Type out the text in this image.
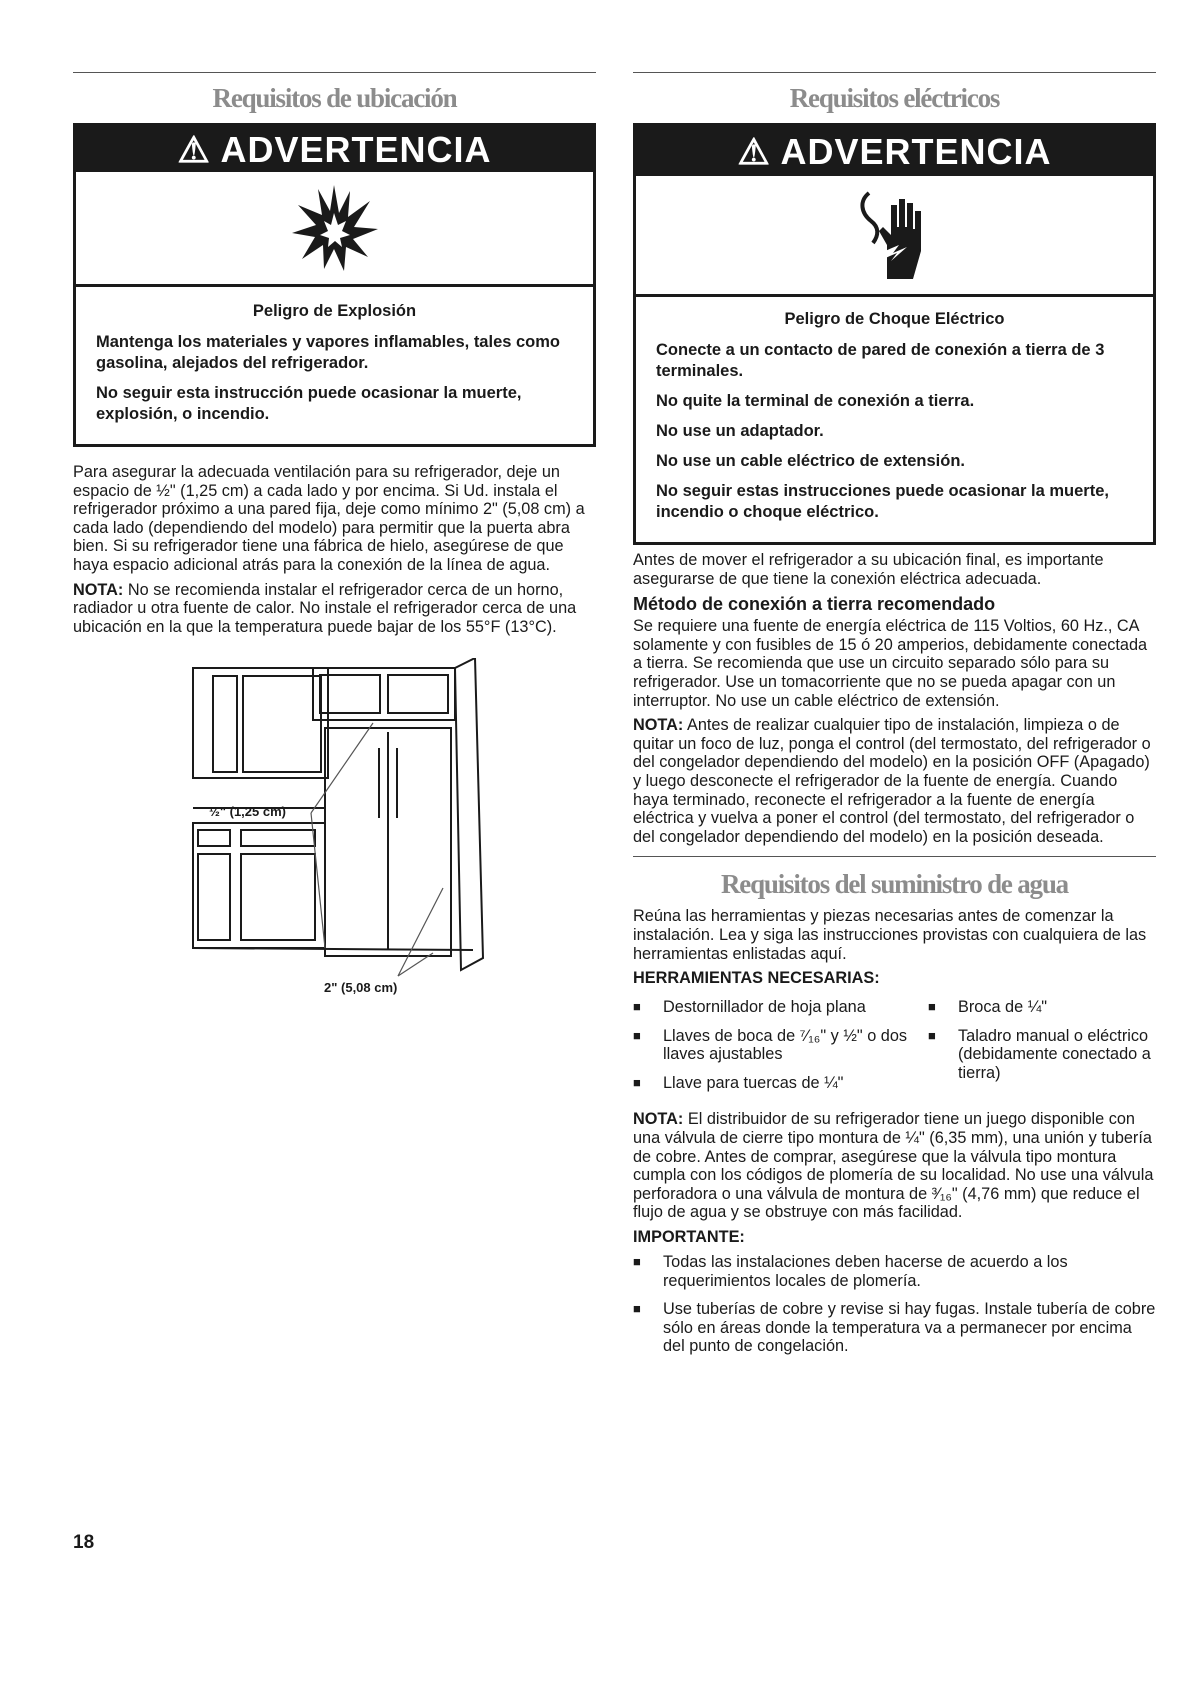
Requisitos de ubicación
⚠ ADVERTENCIA
Peligro de Explosión

Mantenga los materiales y vapores inflamables, tales como gasolina, alejados del refrigerador.

No seguir esta instrucción puede ocasionar la muerte, explosión, o incendio.

Para asegurar la adecuada ventilación para su refrigerador, deje un espacio de ½" (1,25 cm) a cada lado y por encima. Si Ud. instala el refrigerador próximo a una pared fija, deje como mínimo 2" (5,08 cm) a cada lado (dependiendo del modelo) para permitir que la puerta abra bien. Si su refrigerador tiene una fábrica de hielo, asegúrese de que haya espacio adicional atrás para la conexión de la línea de agua.

NOTA: No se recomienda instalar el refrigerador cerca de un horno, radiador u otra fuente de calor. No instale el refrigerador cerca de una ubicación en la que la temperatura puede bajar de los 55°F (13°C).

½" (1,25 cm)
2" (5,08 cm)
Requisitos eléctricos
⚠ ADVERTENCIA
Peligro de Choque Eléctrico

Conecte a un contacto de pared de conexión a tierra de 3 terminales.

No quite la terminal de conexión a tierra.

No use un adaptador.

No use un cable eléctrico de extensión.

No seguir estas instrucciones puede ocasionar la muerte, incendio o choque eléctrico.

Antes de mover el refrigerador a su ubicación final, es importante asegurarse de que tiene la conexión eléctrica adecuada.

Método de conexión a tierra recomendado

Se requiere una fuente de energía eléctrica de 115 Voltios, 60 Hz., CA solamente y con fusibles de 15 ó 20 amperios, debidamente conectada a tierra. Se recomienda que use un circuito separado sólo para su refrigerador. Use un tomacorriente que no se pueda apagar con un interruptor. No use un cable eléctrico de extensión.

NOTA: Antes de realizar cualquier tipo de instalación, limpieza o de quitar un foco de luz, ponga el control (del termostato, del refrigerador o del congelador dependiendo del modelo) en la posición OFF (Apagado) y luego desconecte el refrigerador de la fuente de energía. Cuando haya terminado, reconecte el refrigerador a la fuente de energía eléctrica y vuelva a poner el control (del termostato, del refrigerador o del congelador dependiendo del modelo) en la posición deseada.

Requisitos del suministro de agua

Reúna las herramientas y piezas necesarias antes de comenzar la instalación. Lea y siga las instrucciones provistas con cualquiera de las herramientas enlistadas aquí.

HERRAMIENTAS NECESARIAS:
■ Destornillador de hoja plana
■ Llaves de boca de ⁷⁄₁₆" y ½" o dos llaves ajustables
■ Llave para tuercas de ¼"
■ Broca de ¼"
■ Taladro manual o eléctrico (debidamente conectado a tierra)

NOTA: El distribuidor de su refrigerador tiene un juego disponible con una válvula de cierre tipo montura de ¼" (6,35 mm), una unión y tubería de cobre. Antes de comprar, asegúrese que la válvula tipo montura cumpla con los códigos de plomería de su localidad. No use una válvula perforadora o una válvula de montura de ³⁄₁₆" (4,76 mm) que reduce el flujo de agua y se obstruye con más facilidad.

IMPORTANTE:
■ Todas las instalaciones deben hacerse de acuerdo a los requerimientos locales de plomería.
■ Use tuberías de cobre y revise si hay fugas. Instale tubería de cobre sólo en áreas donde la temperatura va a permanecer por encima del punto de congelación.
18
